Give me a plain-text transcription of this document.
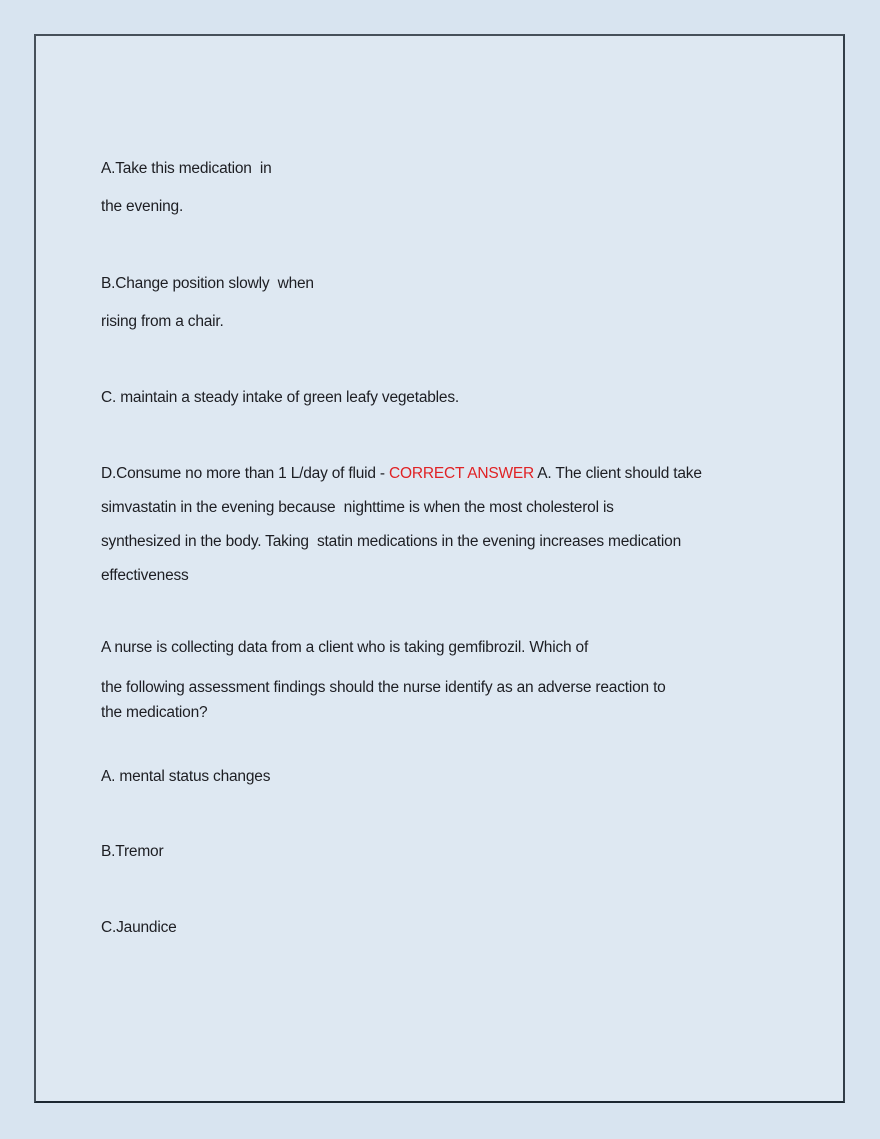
A.Take this medication  in
the evening.
B.Change position slowly  when
rising from a chair.
C. maintain a steady intake of green leafy vegetables.
D.Consume no more than 1 L/day of fluid - CORRECT ANSWER A. The client should take
simvastatin in the evening because  nighttime is when the most cholesterol is
synthesized in the body. Taking  statin medications in the evening increases medication
effectiveness
A nurse is collecting data from a client who is taking gemfibrozil. Which of
the following assessment findings should the nurse identify as an adverse reaction to
the medication?
A. mental status changes
B.Tremor
C.Jaundice
